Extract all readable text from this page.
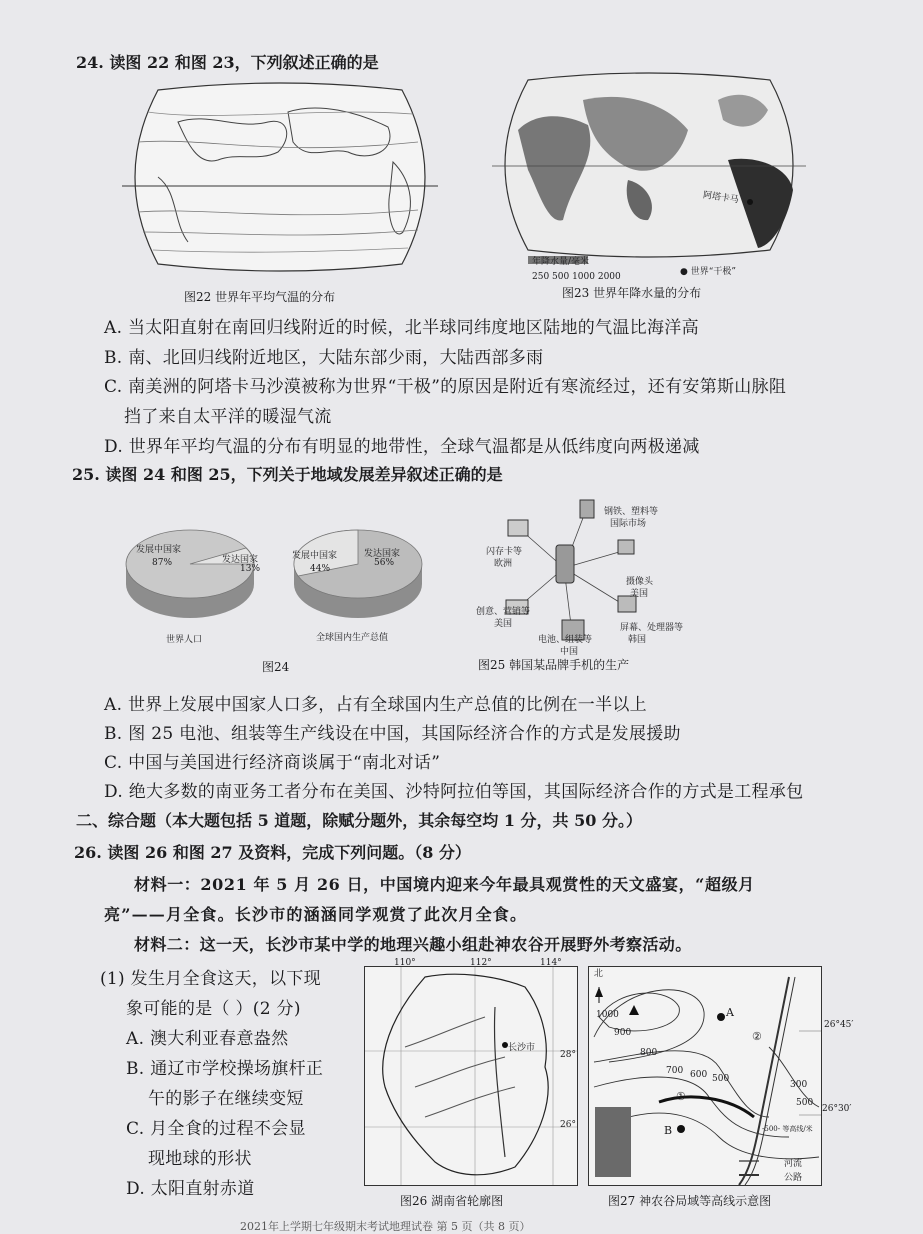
24. 读图 22 和图 23，下列叙述正确的是
图22 世界年平均气温的分布
阿塔卡马
年降水量/毫米
250 500 1000 2000	● 世界“干极”
图23 世界年降水量的分布
A. 当太阳直射在南回归线附近的时候，北半球同纬度地区陆地的气温比海洋高
B. 南、北回归线附近地区，大陆东部少雨，大陆西部多雨
C. 南美洲的阿塔卡马沙漠被称为世界“干极”的原因是附近有寒流经过，还有安第斯山脉阻
挡了来自太平洋的暖湿气流
D. 世界年平均气温的分布有明显的地带性，全球气温都是从低纬度向两极递减
25. 读图 24 和图 25，下列关于地域发展差异叙述正确的是
发展中国家
87%	发达国家
13%
世界人口
发展中国家
44%
发达国家
56%
全球国内生产总值
图24
钢铁、塑料等
国际市场
闪存卡等
欧洲
摄像头
美国
创意、营销等
美国	屏幕、处理器等
韩国
电池、组装等
中国
图25 韩国某品牌手机的生产
A. 世界上发展中国家人口多，占有全球国内生产总值的比例在一半以上
B. 图 25 电池、组装等生产线设在中国，其国际经济合作的方式是发展援助
C. 中国与美国进行经济商谈属于“南北对话”
D. 绝大多数的南亚务工者分布在美国、沙特阿拉伯等国，其国际经济合作的方式是工程承包
二、综合题（本大题包括 5 道题，除赋分题外，其余每空均 1 分，共 50 分。）
26. 读图 26 和图 27 及资料，完成下列问题。（8 分）
材料一：2021 年 5 月 26 日，中国境内迎来今年最具观赏性的天文盛宴，“超级月
亮”——月全食。长沙市的涵涵同学观赏了此次月全食。
材料二：这一天，长沙市某中学的地理兴趣小组赴神农谷开展野外考察活动。
(1) 发生月全食这天，以下现
象可能的是（ ）(2 分)
A. 澳大利亚春意盎然
B. 通辽市学校操场旗杆正
午的影子在继续变短
C. 月全食的过程不会显
现地球的形状
D. 太阳直射赤道
110°	112°	114°
28°
26°
长沙市
图26 湖南省轮廓图
北
26°45′
26°30′
1000
900
800
700 600 500
300
500
A
B
①
②
-500- 等高线/米
河流
公路
图27 神农谷局域等高线示意图
2021年上学期七年级期末考试地理试卷 第 5 页（共 8 页）
